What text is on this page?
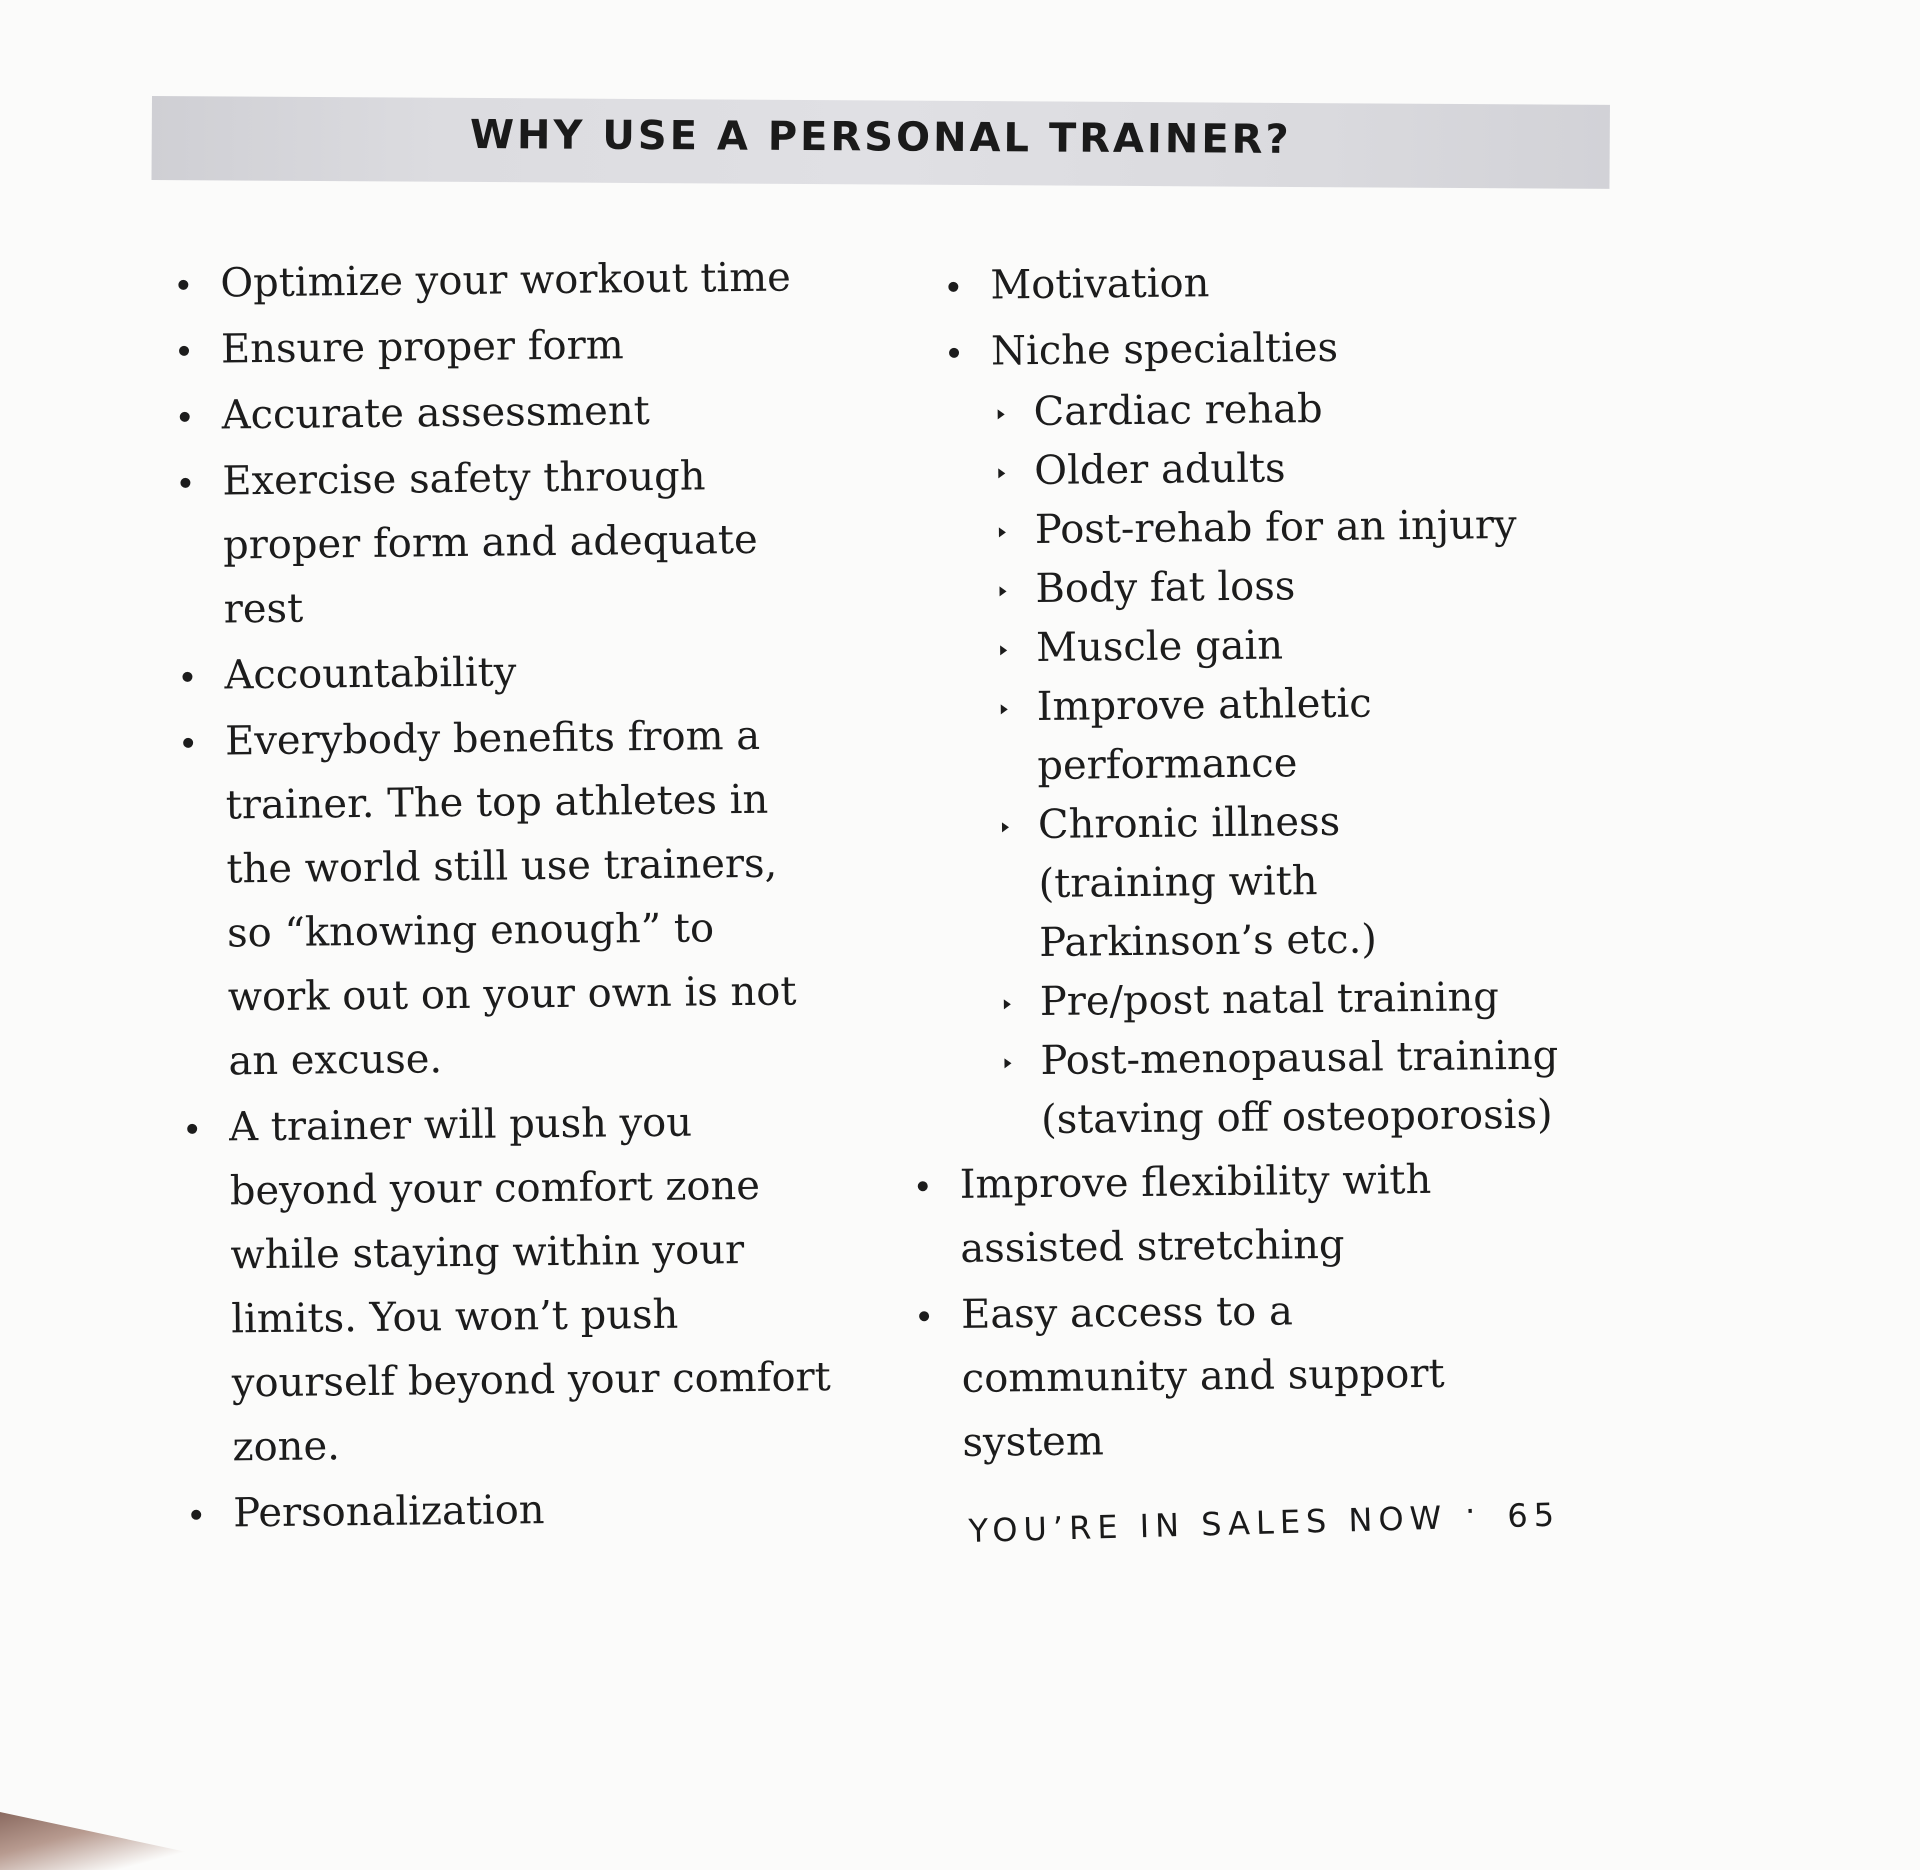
WHY USE A PERSONAL TRAINER?
Optimize your workout time
Ensure proper form
Accurate assessment
Exercise safety through proper form and adequate rest
Accountability
Everybody benefits from a trainer. The top athletes in the world still use trainers, so “knowing enough” to work out on your own is not an excuse.
A trainer will push you beyond your comfort zone while staying within your limits. You won’t push yourself beyond your comfort zone.
Personalization
Motivation
Niche specialties
Cardiac rehab
Older adults
Post-rehab for an injury
Body fat loss
Muscle gain
Improve athletic performance
Chronic illness (training with Parkinson’s etc.)
Pre/post natal training
Post-menopausal training (staving off osteoporosis)
Improve flexibility with assisted stretching
Easy access to a community and support system
YOU’RE IN SALES NOW · 65
